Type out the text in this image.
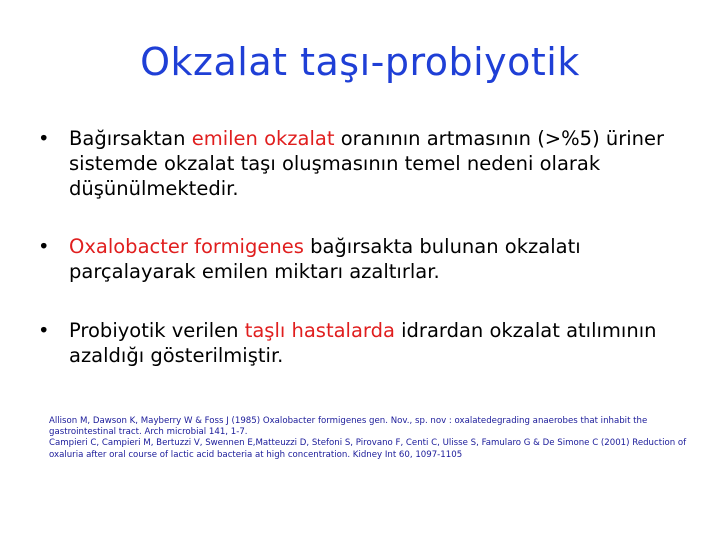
Okzalat taşı-probiyotik

• Bağırsaktan emilen okzalat oranının artmasının (>%5) üriner sistemde okzalat taşı oluşmasının temel nedeni olarak düşünülmektedir.

• Oxalobacter formigenes bağırsakta bulunan okzalatı parçalayarak emilen miktarı azaltırlar.

• Probiyotik verilen taşlı hastalarda idrardan okzalat atılımının azaldığı gösterilmiştir.

Allison M, Dawson K, Mayberry W & Foss J (1985) Oxalobacter formigenes gen. Nov., sp. nov : oxalatedegrading anaerobes that inhabit the gastrointestinal tract. Arch microbial 141, 1-7.
Campieri C, Campieri M, Bertuzzi V, Swennen E,Matteuzzi D, Stefoni S, Pirovano F, Centi C, Ulisse S, Famularo G & De Simone C (2001) Reduction of oxaluria after oral course of lactic acid bacteria at high concentration. Kidney Int 60, 1097-1105
